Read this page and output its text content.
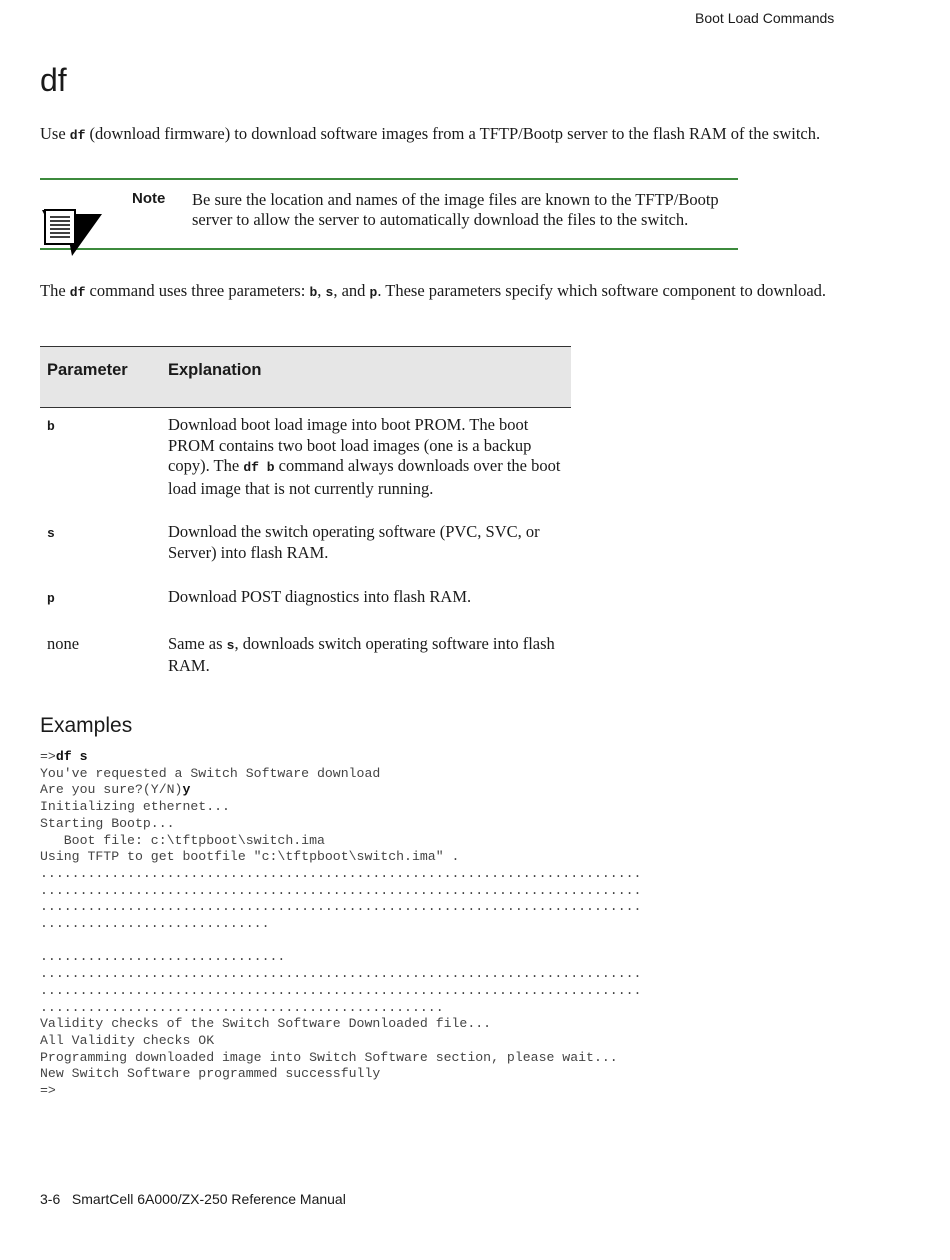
Boot Load Commands
df

Use df (download firmware) to download software images from a TFTP/Bootp server to the flash RAM of the switch.

Note Be sure the location and names of the image files are known to the TFTP/Bootp server to allow the server to automatically download the files to the switch.

The df command uses three parameters: b, s, and p. These parameters specify which software component to download.

Parameter	Explanation
b	Download boot load image into boot PROM. The boot PROM contains two boot load images (one is a backup copy). The df b command always downloads over the boot load image that is not currently running.
s	Download the switch operating software (PVC, SVC, or Server) into flash RAM.
p	Download POST diagnostics into flash RAM.
none	Same as s, downloads switch operating software into flash RAM.
Examples
=>df s
You've requested a Switch Software download
Are you sure?(Y/N)y
Initializing ethernet...
Starting Bootp...
Boot file: c:\tftpboot\switch.ima
Using TFTP to get bootfile "c:\tftpboot\switch.ima" .
............................................................................
............................................................................
............................................................................
.............................

...............................
............................................................................
............................................................................
...................................................
Validity checks of the Switch Software Downloaded file...
All Validity checks OK
Programming downloaded image into Switch Software section, please wait...
New Switch Software programmed successfully
=>
3-6 SmartCell 6A000/ZX-250 Reference Manual
